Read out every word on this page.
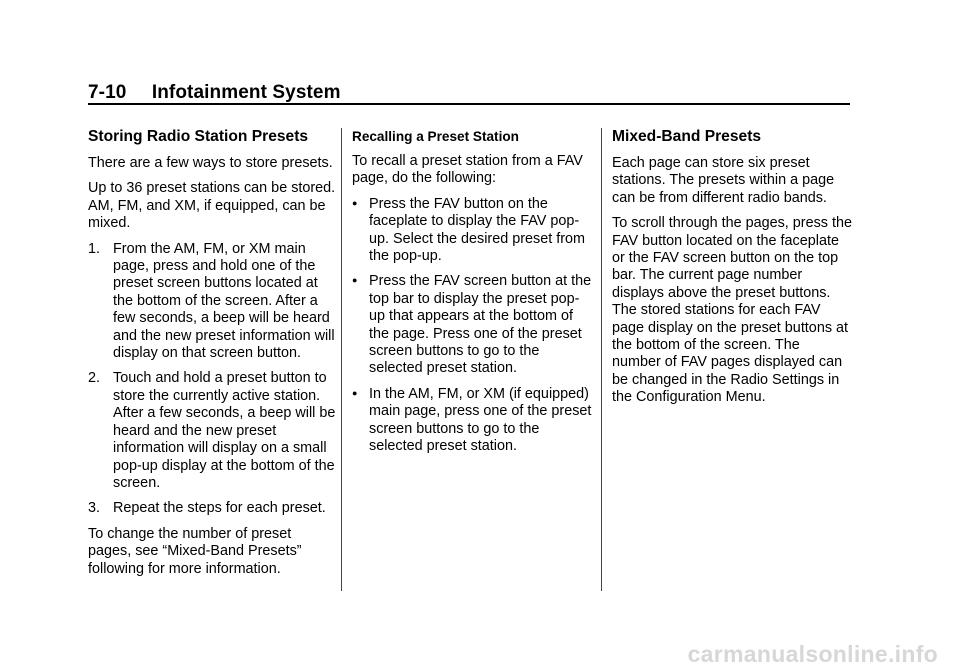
7-10 Infotainment System
Storing Radio Station Presets

There are a few ways to store presets.

Up to 36 preset stations can be stored. AM, FM, and XM, if equipped, can be mixed.

1. From the AM, FM, or XM main page, press and hold one of the preset screen buttons located at the bottom of the screen. After a few seconds, a beep will be heard and the new preset information will display on that screen button.
2. Touch and hold a preset button to store the currently active station. After a few seconds, a beep will be heard and the new preset information will display on a small pop-up display at the bottom of the screen.
3. Repeat the steps for each preset.

To change the number of preset pages, see “Mixed-Band Presets” following for more information.

Recalling a Preset Station

To recall a preset station from a FAV page, do the following:

● Press the FAV button on the faceplate to display the FAV pop-up. Select the desired preset from the pop-up.
● Press the FAV screen button at the top bar to display the preset pop-up that appears at the bottom of the page. Press one of the preset screen buttons to go to the selected preset station.
● In the AM, FM, or XM (if equipped) main page, press one of the preset screen buttons to go to the selected preset station.
Mixed-Band Presets

Each page can store six preset stations. The presets within a page can be from different radio bands.

To scroll through the pages, press the FAV button located on the faceplate or the FAV screen button on the top bar. The current page number displays above the preset buttons. The stored stations for each FAV page display on the preset buttons at the bottom of the screen. The number of FAV pages displayed can be changed in the Radio Settings in the Configuration Menu.

carmanualsonline.info
